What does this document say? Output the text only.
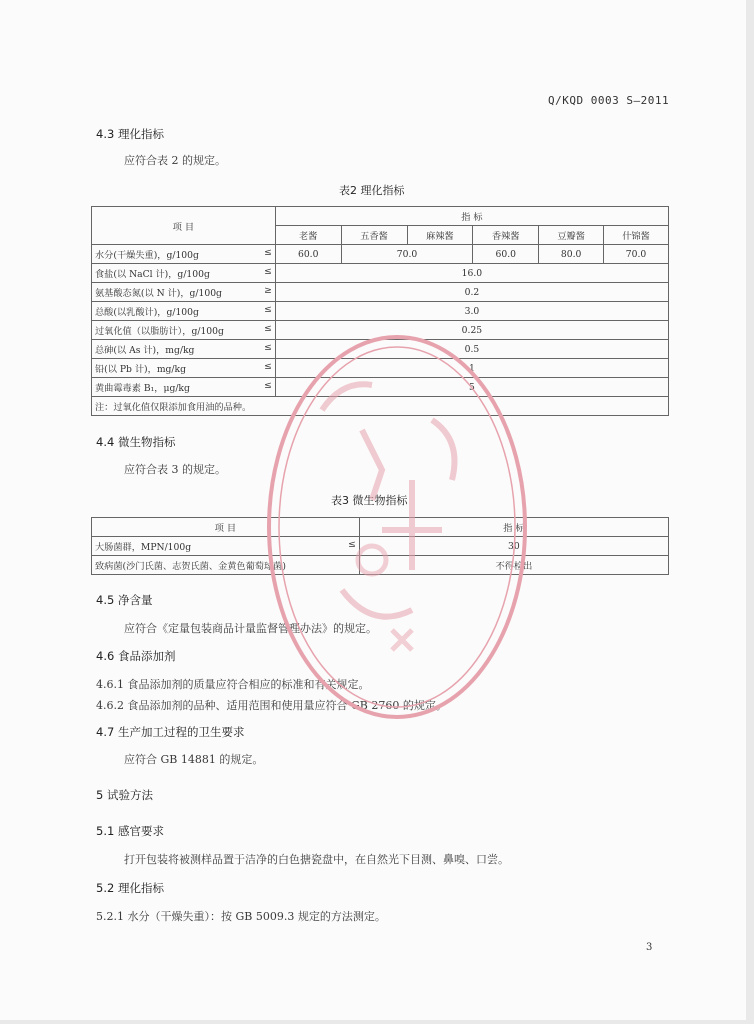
Q/KQD 0003 S—2011
4.3 理化指标
应符合表 2 的规定。
表2 理化指标
项 目	指 标					
	老酱	五香酱	麻辣酱	香辣酱	豆瓣酱	什锦酱

水分(干燥失重)，g/100g ≤	60.0	70.0		60.0	80.0	70.0

食盐(以 NaCl 计)，g/100g ≤	16.0					

氨基酸态氮(以 N 计)，g/100g ≥	0.2					

总酸(以乳酸计)，g/100g ≤	3.0					

过氧化值（以脂肪计），g/100g ≤	0.25					

总砷(以 As 计)，mg/kg ≤	0.5					

铅(以 Pb 计)，mg/kg ≤	1					

黄曲霉毒素 B₁，μg/kg ≤	5					
注：过氧化值仅限添加食用油的品种。						
4.4 微生物指标
应符合表 3 的规定。
表3 微生物指标
项 目	指 标

大肠菌群，MPN/100g ≤	30

致病菌(沙门氏菌、志贺氏菌、金黄色葡萄球菌)	不得检出
4.5 净含量
应符合《定量包装商品计量监督管理办法》的规定。
4.6 食品添加剂
4.6.1 食品添加剂的质量应符合相应的标准和有关规定。
4.6.2 食品添加剂的品种、适用范围和使用量应符合 GB 2760 的规定。
4.7 生产加工过程的卫生要求
应符合 GB 14881 的规定。
5 试验方法
5.1 感官要求
打开包装将被测样品置于洁净的白色搪瓷盘中，在自然光下目测、鼻嗅、口尝。
5.2 理化指标
5.2.1 水分（干燥失重）：按 GB 5009.3 规定的方法测定。
3
